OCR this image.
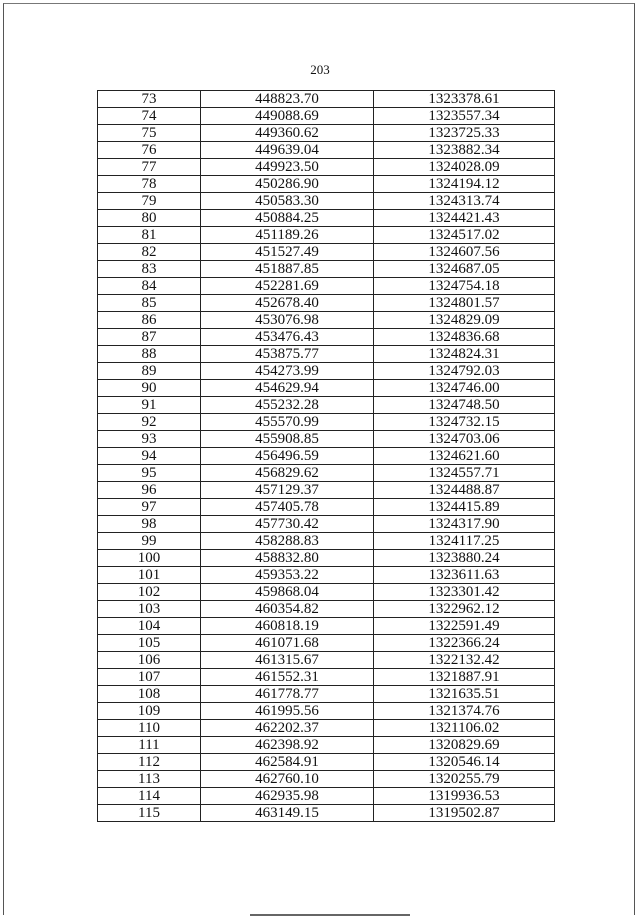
203
73	448823.70	1323378.61
74	449088.69	1323557.34
75	449360.62	1323725.33
76	449639.04	1323882.34
77	449923.50	1324028.09
78	450286.90	1324194.12
79	450583.30	1324313.74
80	450884.25	1324421.43
81	451189.26	1324517.02
82	451527.49	1324607.56
83	451887.85	1324687.05
84	452281.69	1324754.18
85	452678.40	1324801.57
86	453076.98	1324829.09
87	453476.43	1324836.68
88	453875.77	1324824.31
89	454273.99	1324792.03
90	454629.94	1324746.00
91	455232.28	1324748.50
92	455570.99	1324732.15
93	455908.85	1324703.06
94	456496.59	1324621.60
95	456829.62	1324557.71
96	457129.37	1324488.87
97	457405.78	1324415.89
98	457730.42	1324317.90
99	458288.83	1324117.25
100	458832.80	1323880.24
101	459353.22	1323611.63
102	459868.04	1323301.42
103	460354.82	1322962.12
104	460818.19	1322591.49
105	461071.68	1322366.24
106	461315.67	1322132.42
107	461552.31	1321887.91
108	461778.77	1321635.51
109	461995.56	1321374.76
110	462202.37	1321106.02
111	462398.92	1320829.69
112	462584.91	1320546.14
113	462760.10	1320255.79
114	462935.98	1319936.53
115	463149.15	1319502.87
